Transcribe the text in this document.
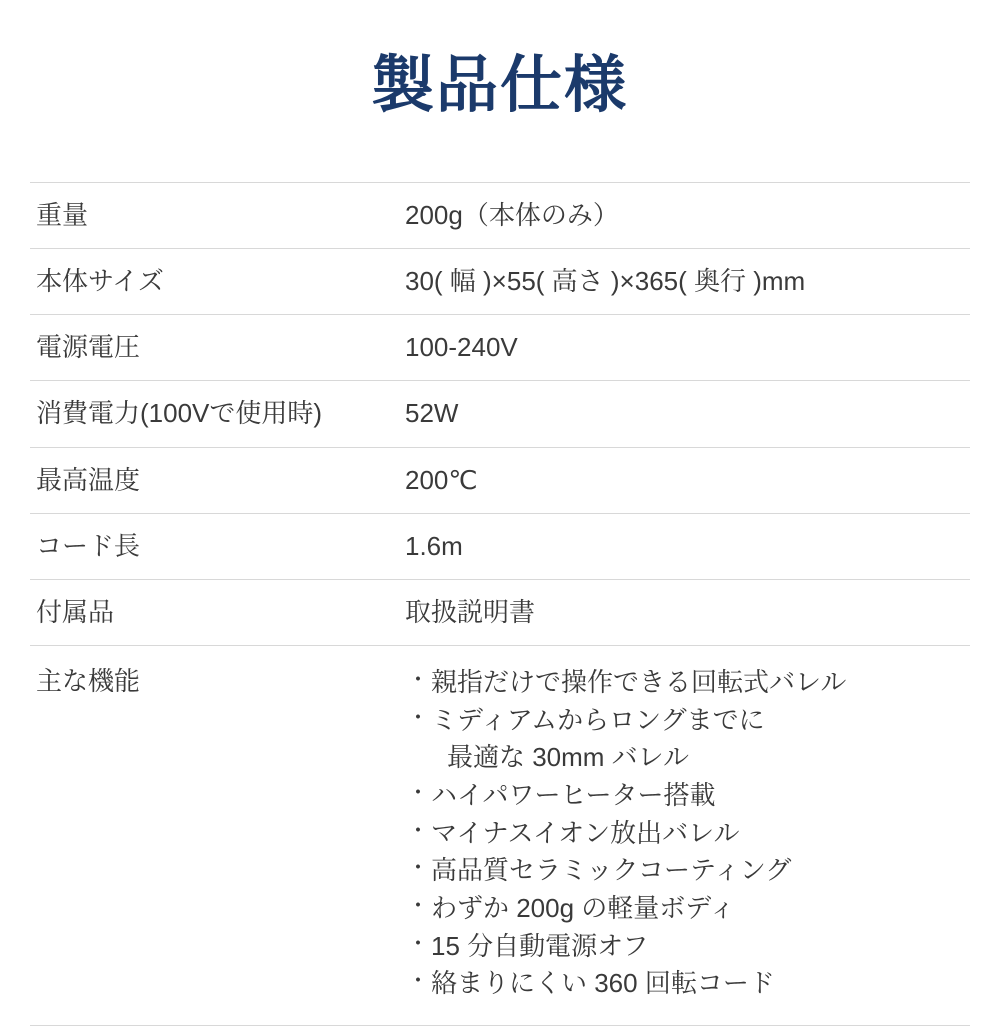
製品仕様
重量	200g（本体のみ）
本体サイズ	30( 幅 )×55( 高さ )×365( 奥行 )mm
電源電圧	100-240V
消費電力(100Vで使用時)	52W
最高温度	200℃
コード長	1.6m
付属品	取扱説明書
主な機能	・ 親指だけで操作できる回転式バレル
・ ミディアムからロングまでに
最適な 30mm バレル
・ ハイパワーヒーター搭載
・ マイナスイオン放出バレル
・ 高品質セラミックコーティング
・ わずか 200g の軽量ボディ
・ 15 分自動電源オフ
・ 絡まりにくい 360 回転コード
